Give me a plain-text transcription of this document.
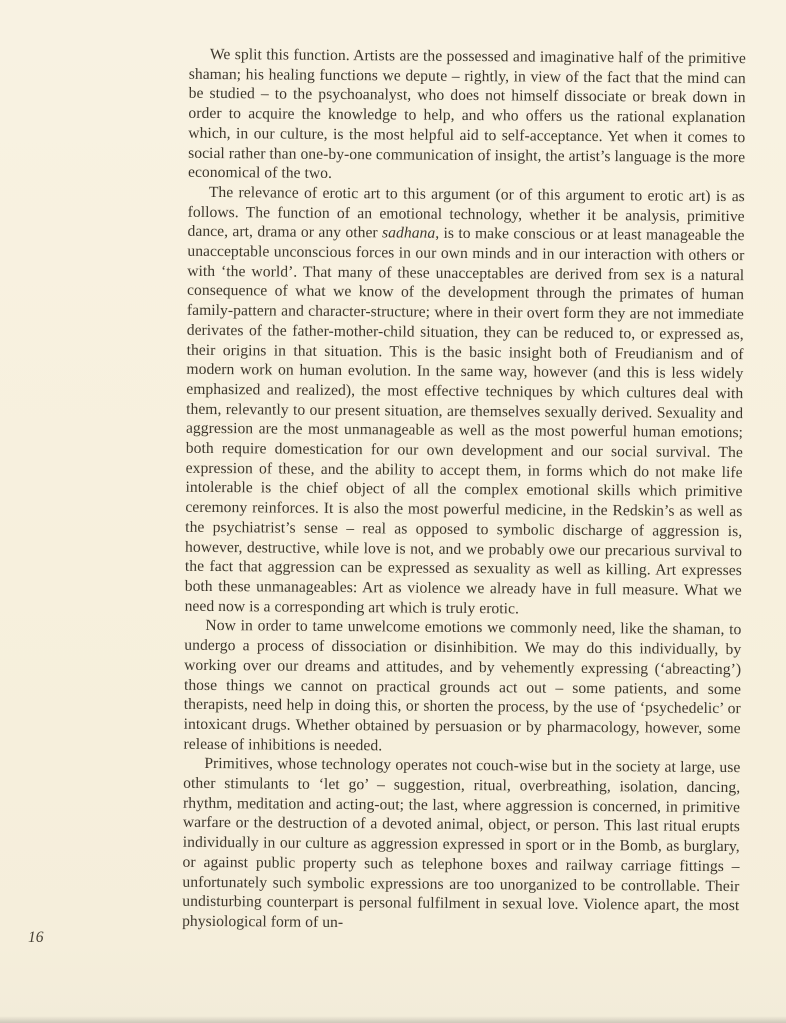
We split this function. Artists are the possessed and imaginative half of the primitive shaman; his healing functions we depute – rightly, in view of the fact that the mind can be studied – to the psychoanalyst, who does not himself dissociate or break down in order to acquire the knowledge to help, and who offers us the rational explanation which, in our culture, is the most helpful aid to self-acceptance. Yet when it comes to social rather than one-by-one communication of insight, the artist’s language is the more economical of the two.

The relevance of erotic art to this argument (or of this argument to erotic art) is as follows. The function of an emotional technology, whether it be analysis, primitive dance, art, drama or any other sadhana, is to make conscious or at least manageable the unacceptable unconscious forces in our own minds and in our interaction with others or with ‘the world’. That many of these unacceptables are derived from sex is a natural consequence of what we know of the development through the primates of human family-pattern and character-structure; where in their overt form they are not immediate derivates of the father-mother-child situation, they can be reduced to, or expressed as, their origins in that situation. This is the basic insight both of Freudianism and of modern work on human evolution. In the same way, however (and this is less widely emphasized and realized), the most effective techniques by which cultures deal with them, relevantly to our present situation, are themselves sexually derived. Sexuality and aggression are the most unmanageable as well as the most powerful human emotions; both require domestication for our own development and our social survival. The expression of these, and the ability to accept them, in forms which do not make life intolerable is the chief object of all the complex emotional skills which primitive ceremony reinforces. It is also the most powerful medicine, in the Redskin’s as well as the psychiatrist’s sense – real as opposed to symbolic discharge of aggression is, however, destructive, while love is not, and we probably owe our precarious survival to the fact that aggression can be expressed as sexuality as well as killing. Art expresses both these unmanageables: Art as violence we already have in full measure. What we need now is a corresponding art which is truly erotic.

Now in order to tame unwelcome emotions we commonly need, like the shaman, to undergo a process of dissociation or disinhibition. We may do this individually, by working over our dreams and attitudes, and by vehemently expressing (‘abreacting’) those things we cannot on practical grounds act out – some patients, and some therapists, need help in doing this, or shorten the process, by the use of ‘psychedelic’ or intoxicant drugs. Whether obtained by persuasion or by pharmacology, however, some release of inhibitions is needed.

Primitives, whose technology operates not couch-wise but in the society at large, use other stimulants to ‘let go’ – suggestion, ritual, overbreathing, isolation, dancing, rhythm, meditation and acting-out; the last, where aggression is concerned, in primitive warfare or the destruction of a devoted animal, object, or person. This last ritual erupts individually in our culture as aggression expressed in sport or in the Bomb, as burglary, or against public property such as telephone boxes and railway carriage fittings – unfortunately such symbolic expressions are too unorganized to be controllable. Their undisturbing counterpart is personal fulfilment in sexual love. Violence apart, the most physiological form of un-

16
